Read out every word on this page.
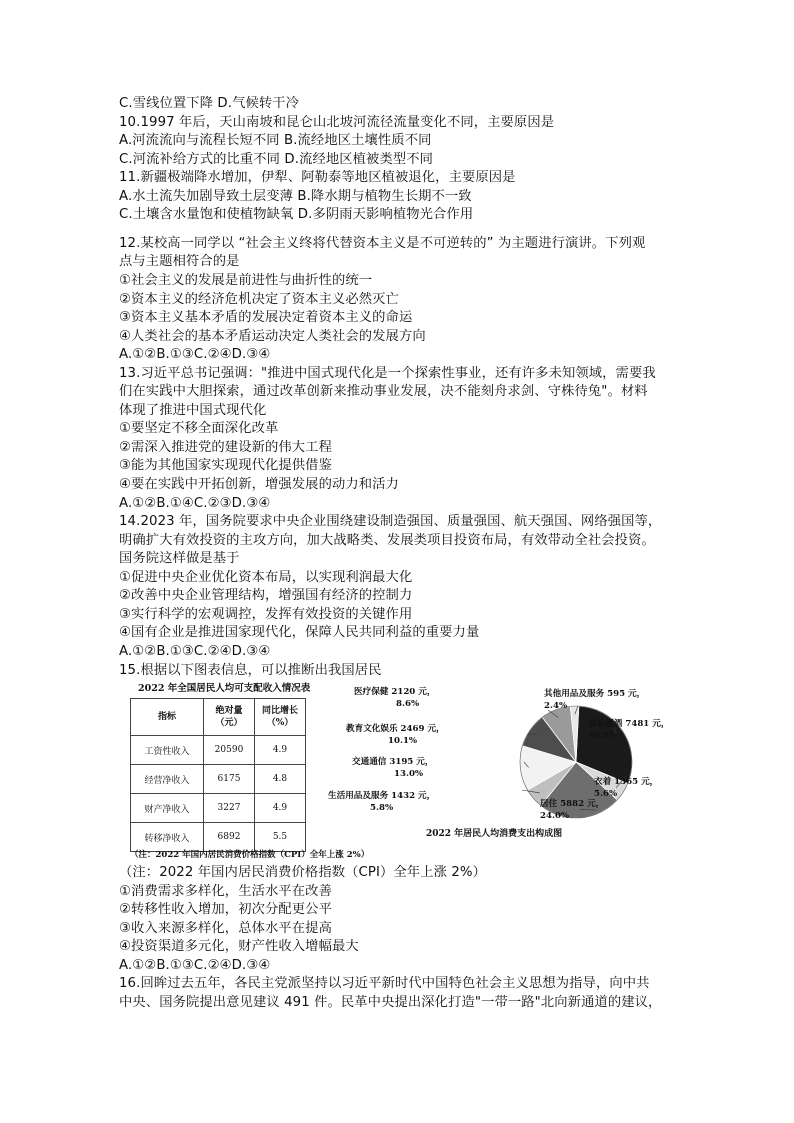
C.雪线位置下降 D.气候转干冷
10.1997 年后，天山南坡和昆仑山北坡河流径流量变化不同，主要原因是
A.河流流向与流程长短不同 B.流经地区土壤性质不同
C.河流补给方式的比重不同 D.流经地区植被类型不同
11.新疆极端降水增加，伊犁、阿勒泰等地区植被退化，主要原因是
A.水土流失加剧导致土层变薄 B.降水期与植物生长期不一致
C.土壤含水量饱和使植物缺氧 D.多阴雨天影响植物光合作用
12.某校高一同学以 “社会主义终将代替资本主义是不可逆转的” 为主题进行演讲。下列观
点与主题相符合的是
①社会主义的发展是前进性与曲折性的统一
②资本主义的经济危机决定了资本主义必然灭亡
③资本主义基本矛盾的发展决定着资本主义的命运
④人类社会的基本矛盾运动决定人类社会的发展方向
A.①②B.①③C.②④D.③④
13.习近平总书记强调："推进中国式现代化是一个探索性事业，还有许多未知领域，需要我
们在实践中大胆探索，通过改革创新来推动事业发展，决不能刻舟求剑、守株待兔"。材料
体现了推进中国式现代化
①要坚定不移全面深化改革
②需深入推进党的建设新的伟大工程
③能为其他国家实现现代化提供借鉴
④要在实践中开拓创新，增强发展的动力和活力
A.①②B.①④C.②③D.③④
14.2023 年，国务院要求中央企业围绕建设制造强国、质量强国、航天强国、网络强国等，
明确扩大有效投资的主攻方向，加大战略类、发展类项目投资布局，有效带动全社会投资。
国务院这样做是基于
①促进中央企业优化资本布局，以实现利润最大化
②改善中央企业管理结构，增强国有经济的控制力
③实行科学的宏观调控，发挥有效投资的关键作用
④国有企业是推进国家现代化，保障人民共同利益的重要力量
A.①②B.①③C.②④D.③④
15.根据以下图表信息，可以推断出我国居民
2022 年全国居民人均可支配收入情况表
指标	绝对量（元）	同比增长（%）
工资性收入	20590	4.9
经营净收入	6175	4.8
财产净收入	3227	4.9
转移净收入	6892	5.5
（注：2022 年国内居民消费价格指数（CPI）全年上涨 2%）
食品烟酒 7481 元，
30.5%
衣着 1365 元，
5.6%
居住 5882 元，
24.0%
生活用品及服务 1432 元，
5.8%
交通通信 3195 元，
13.0%
教育文化娱乐 2469 元，
10.1%
医疗保健 2120 元，
8.6%
其他用品及服务 595 元，
2.4%
2022 年居民人均消费支出构成图
（注：2022 年国内居民消费价格指数（CPI）全年上涨 2%）
①消费需求多样化，生活水平在改善
②转移性收入增加，初次分配更公平
③收入来源多样化，总体水平在提高
④投资渠道多元化，财产性收入增幅最大
A.①②B.①③C.②④D.③④
16.回眸过去五年，各民主党派坚持以习近平新时代中国特色社会主义思想为指导，向中共
中央、国务院提出意见建议 491 件。民革中央提出深化打造"一带一路"北向新通道的建议，
